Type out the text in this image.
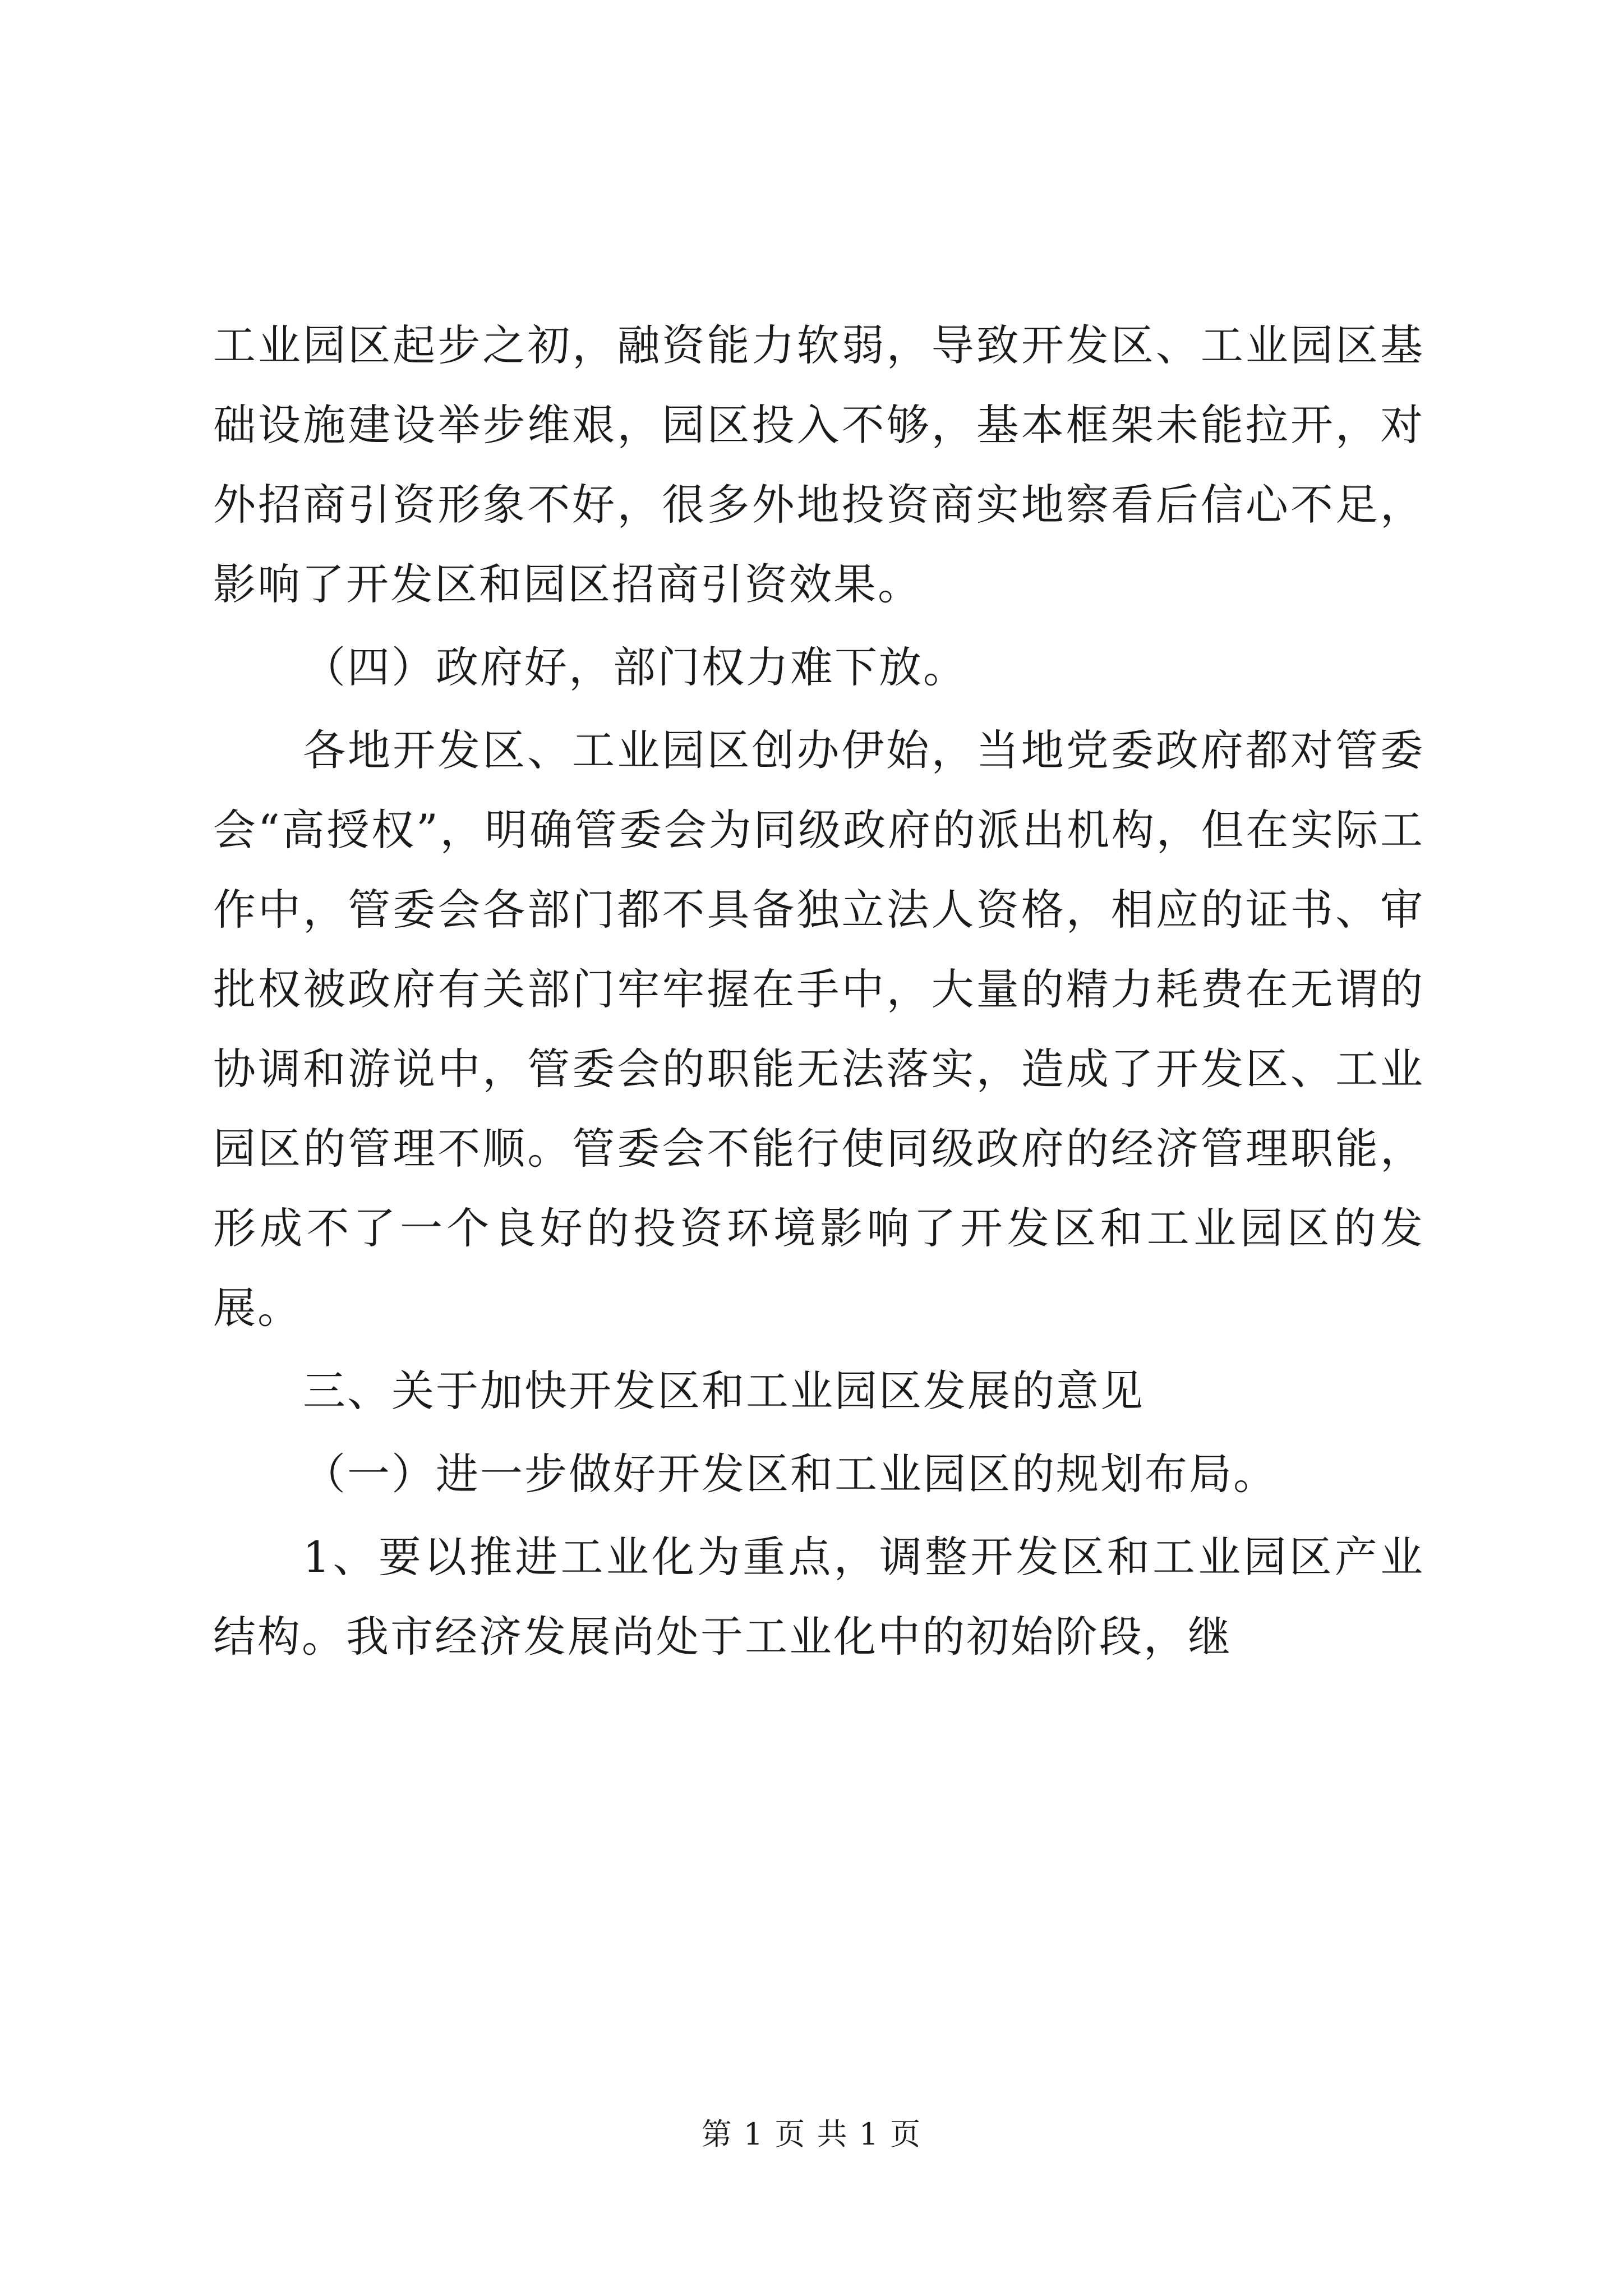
工业园区起步之初，融资能力软弱，导致开发区、工业园区基础设施建设举步维艰，园区投入不够，基本框架未能拉开，对外招商引资形象不好，很多外地投资商实地察看后信心不足，影响了开发区和园区招商引资效果。

（四）政府好，部门权力难下放。

各地开发区、工业园区创办伊始，当地党委政府都对管委会“高授权”，明确管委会为同级政府的派出机构，但在实际工作中，管委会各部门都不具备独立法人资格，相应的证书、审批权被政府有关部门牢牢握在手中，大量的精力耗费在无谓的协调和游说中，管委会的职能无法落实，造成了开发区、工业园区的管理不顺。管委会不能行使同级政府的经济管理职能，形成不了一个良好的投资环境影响了开发区和工业园区的发展。

三、关于加快开发区和工业园区发展的意见

（一）进一步做好开发区和工业园区的规划布局。

1、要以推进工业化为重点，调整开发区和工业园区产业结构。我市经济发展尚处于工业化中的初始阶段，继

第 1 页 共 1 页
